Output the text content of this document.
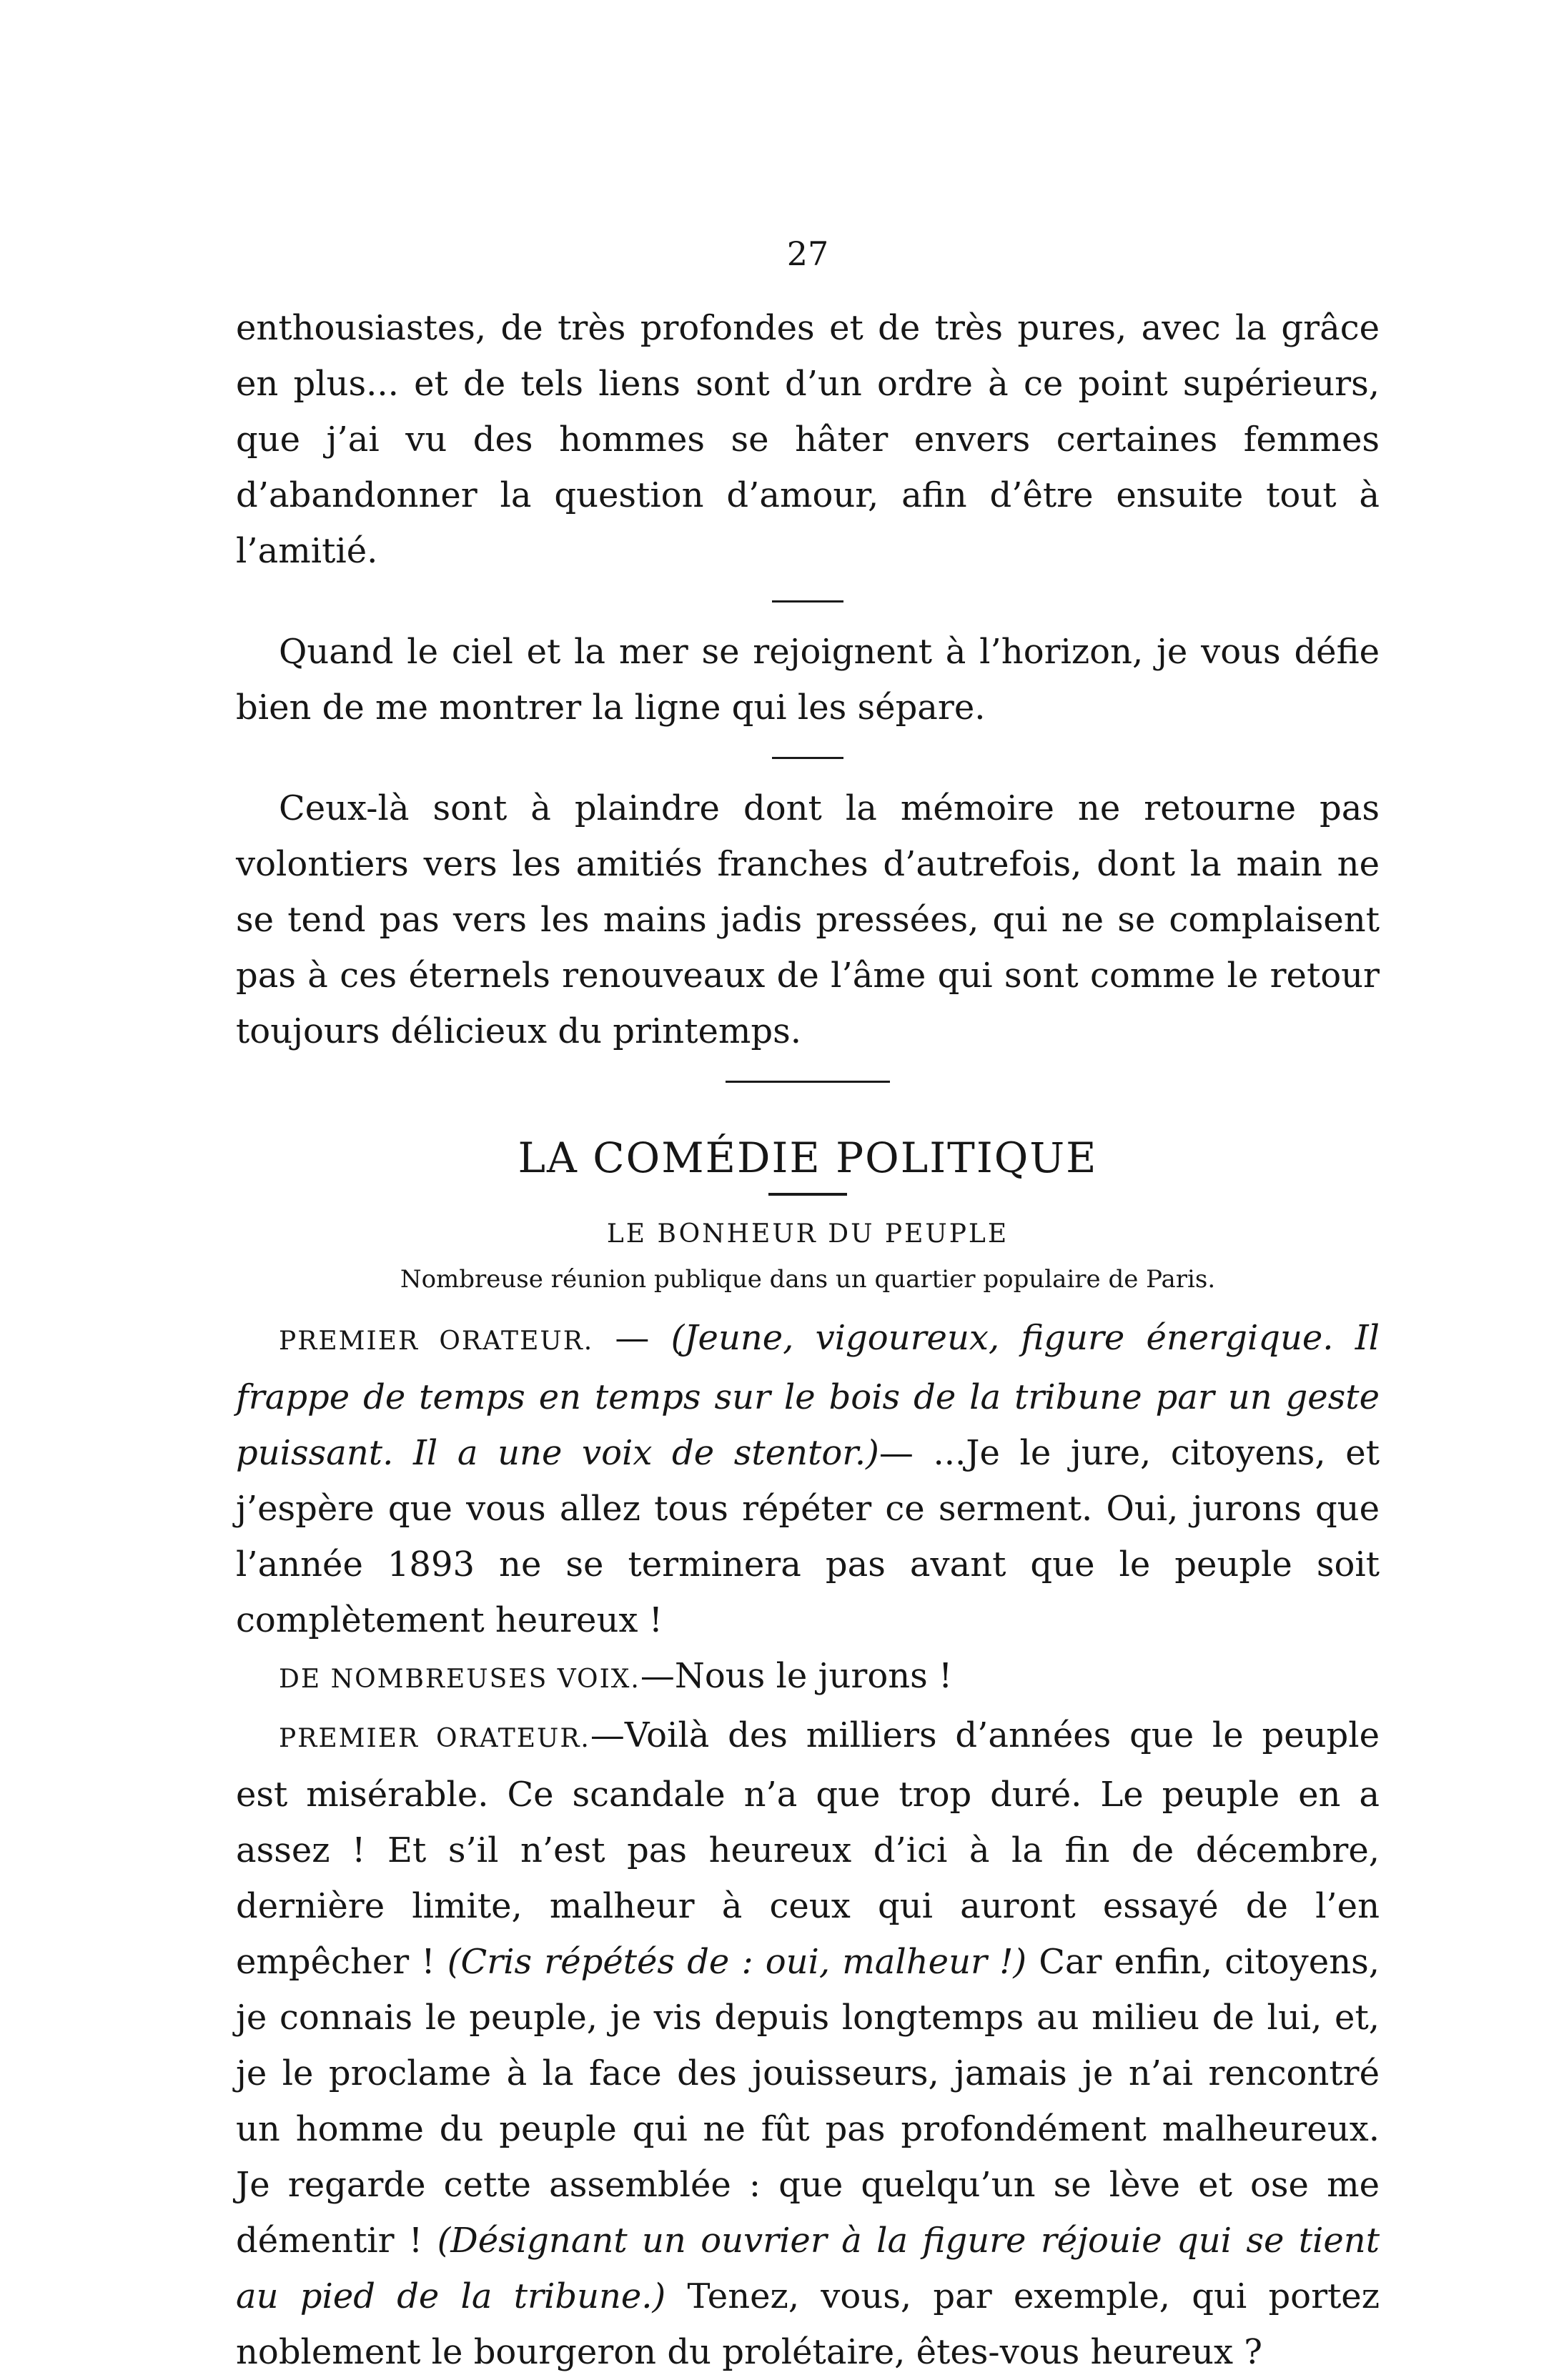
27

enthousiastes, de très profondes et de très pures, avec la grâce en plus... et de tels liens sont d’un ordre à ce point supérieurs, que j’ai vu des hommes se hâter envers certaines femmes d’abandonner la question d’amour, afin d’être ensuite tout à l’amitié.

Quand le ciel et la mer se rejoignent à l’horizon, je vous défie bien de me montrer la ligne qui les sépare.

Ceux-là sont à plaindre dont la mémoire ne retourne pas volontiers vers les amitiés franches d’autrefois, dont la main ne se tend pas vers les mains jadis pressées, qui ne se complaisent pas à ces éternels renouveaux de l’âme qui sont comme le retour toujours délicieux du printemps.

LA COMÉDIE POLITIQUE
LE BONHEUR DU PEUPLE
Nombreuse réunion publique dans un quartier populaire de Paris.

PREMIER ORATEUR. — (Jeune, vigoureux, figure énergique. Il frappe de temps en temps sur le bois de la tribune par un geste puissant. Il a une voix de stentor.)— ...Je le jure, citoyens, et j’espère que vous allez tous répéter ce serment. Oui, jurons que l’année 1893 ne se terminera pas avant que le peuple soit complètement heureux !

DE NOMBREUSES VOIX.—Nous le jurons !

PREMIER ORATEUR.—Voilà des milliers d’années que le peuple est misérable. Ce scandale n’a que trop duré. Le peuple en a assez ! Et s’il n’est pas heureux d’ici à la fin de décembre, dernière limite, malheur à ceux qui auront essayé de l’en empêcher ! (Cris répétés de : oui, malheur !) Car enfin, citoyens, je connais le peuple, je vis depuis longtemps au milieu de lui, et, je le proclame à la face des jouisseurs, jamais je n’ai rencontré un homme du peuple qui ne fût pas profondément malheureux. Je regarde cette assemblée : que quelqu’un se lève et ose me démentir ! (Désignant un ouvrier à la figure réjouie qui se tient au pied de la tribune.) Tenez, vous, par exemple, qui portez noblement le bourgeron du prolétaire, êtes-vous heureux ?
